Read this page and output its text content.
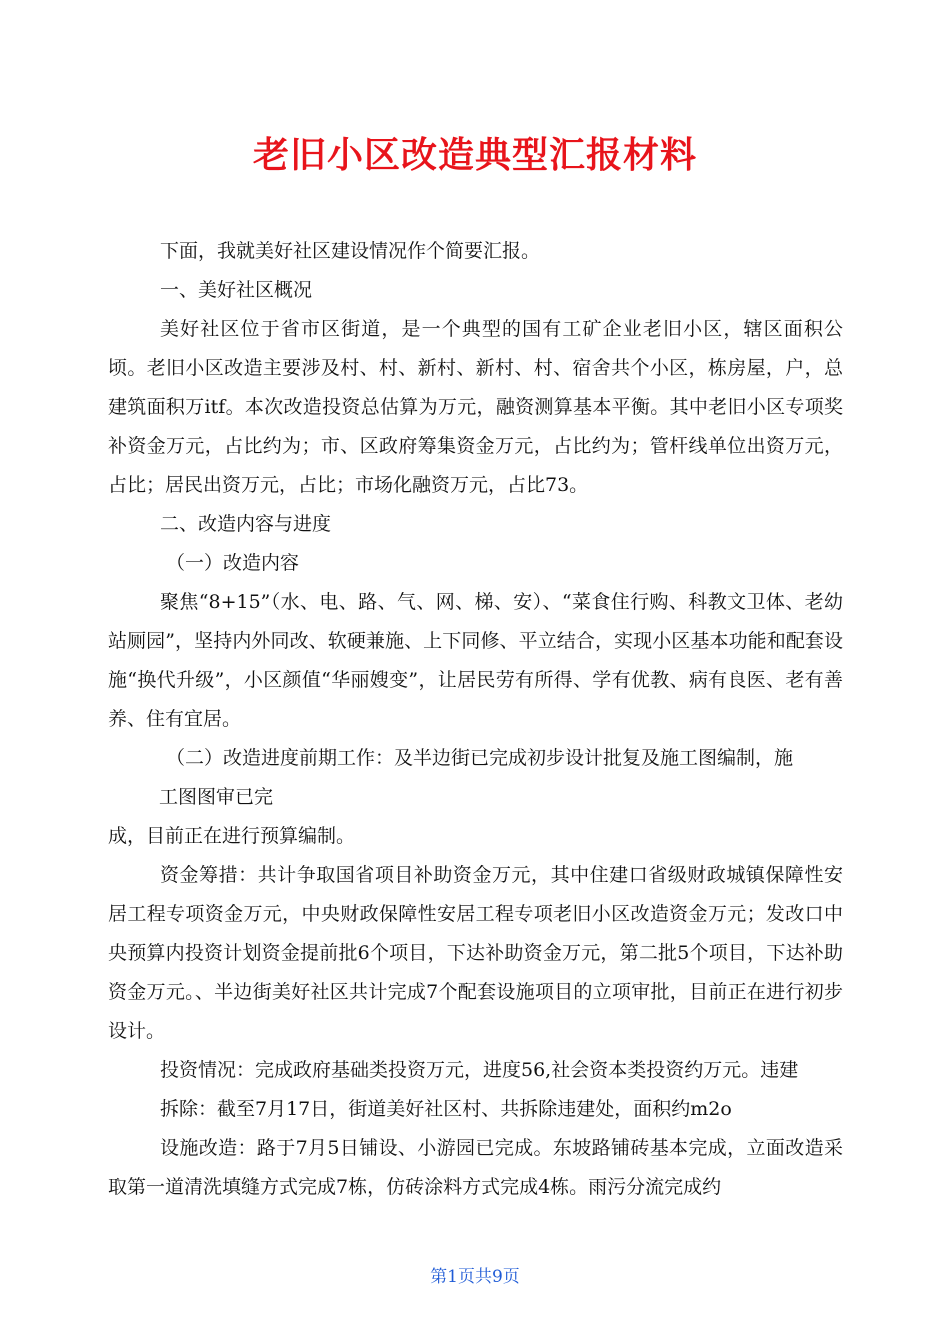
老旧小区改造典型汇报材料

下面，我就美好社区建设情况作个简要汇报。

一、美好社区概况

美好社区位于省市区街道，是一个典型的国有工矿企业老旧小区，辖区面积公顷。老旧小区改造主要涉及村、村、新村、新村、村、宿舍共个小区，栋房屋，户，总建筑面积万itf。本次改造投资总估算为万元，融资测算基本平衡。其中老旧小区专项奖补资金万元，占比约为；市、区政府筹集资金万元，占比约为；管杆线单位出资万元，占比；居民出资万元，占比；市场化融资万元，占比73。

二、改造内容与进度

（一）改造内容

聚焦“8+15”（水、电、路、气、网、梯、安）、“菜食住行购、科教文卫体、老幼站厕园”，坚持内外同改、软硬兼施、上下同修、平立结合，实现小区基本功能和配套设施“换代升级”，小区颜值“华丽嫂变”，让居民劳有所得、学有优教、病有良医、老有善养、住有宜居。

（二）改造进度前期工作：及半边街已完成初步设计批复及施工图编制，施

工图图审已完

成，目前正在进行预算编制。

资金筹措：共计争取国省项目补助资金万元，其中住建口省级财政城镇保障性安居工程专项资金万元，中央财政保障性安居工程专项老旧小区改造资金万元；发改口中央预算内投资计划资金提前批6个项目，下达补助资金万元，第二批5个项目，下达补助资金万元。、半边街美好社区共计完成7个配套设施项目的立项审批，目前正在进行初步设计。

投资情况：完成政府基础类投资万元，进度56,社会资本类投资约万元。违建

拆除：截至7月17日，街道美好社区村、共拆除违建处，面积约m2o

设施改造：路于7月5日铺设、小游园已完成。东坡路铺砖基本完成，立面改造采取第一道清洗填缝方式完成7栋，仿砖涂料方式完成4栋。雨污分流完成约

第1页共9页
